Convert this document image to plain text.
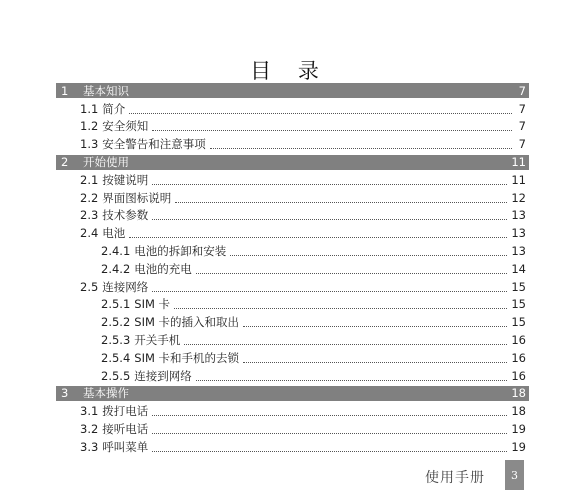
目 录
1	基本知识	7
1.1 简介	7
1.2 安全须知	7
1.3 安全警告和注意事项	7
2	开始使用	11
2.1 按键说明	11
2.2 界面图标说明	12
2.3 技术参数	13
2.4 电池	13
2.4.1 电池的拆卸和安装	13
2.4.2 电池的充电	14
2.5 连接网络	15
2.5.1 SIM 卡	15
2.5.2 SIM 卡的插入和取出	15
2.5.3 开关手机	16
2.5.4 SIM 卡和手机的去锁	16
2.5.5 连接到网络	16
3	基本操作	18
3.1 拨打电话	18
3.2 接听电话	19
3.3 呼叫菜单	19
使用手册	3
